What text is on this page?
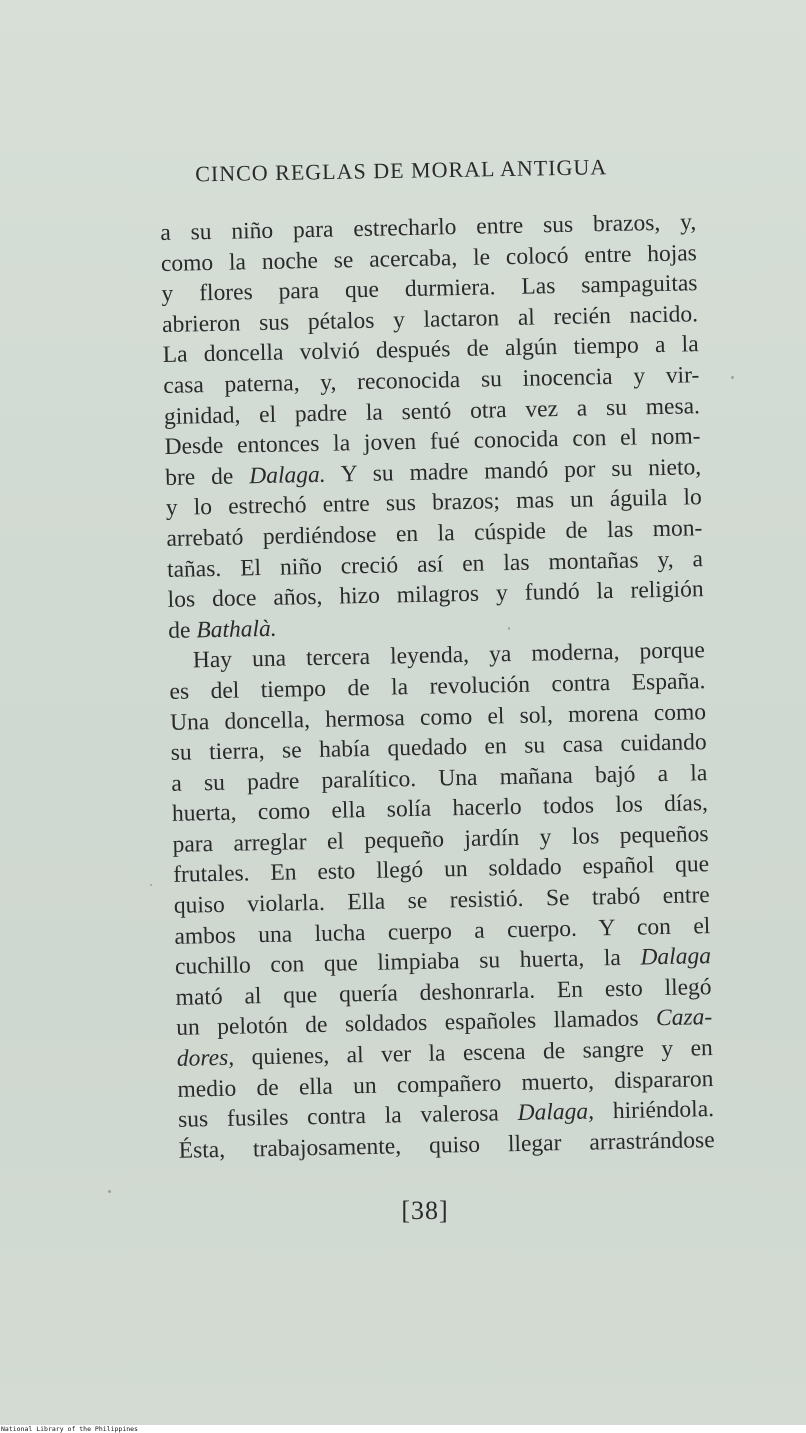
CINCO REGLAS DE MORAL ANTIGUA
a su niño para estrecharlo entre sus brazos, y,
como la noche se acercaba, le colocó entre hojas
y flores para que durmiera. Las sampaguitas
abrieron sus pétalos y lactaron al recién nacido.
La doncella volvió después de algún tiempo a la
casa paterna, y, reconocida su inocencia y vir-
ginidad, el padre la sentó otra vez a su mesa.
Desde entonces la joven fué conocida con el nom-
bre de Dalaga. Y su madre mandó por su nieto,
y lo estrechó entre sus brazos; mas un águila lo
arrebató perdiéndose en la cúspide de las mon-
tañas. El niño creció así en las montañas y, a
los doce años, hizo milagros y fundó la religión
de Bathalà.
Hay una tercera leyenda, ya moderna, porque
es del tiempo de la revolución contra España.
Una doncella, hermosa como el sol, morena como
su tierra, se había quedado en su casa cuidando
a su padre paralítico. Una mañana bajó a la
huerta, como ella solía hacerlo todos los días,
para arreglar el pequeño jardín y los pequeños
frutales. En esto llegó un soldado español que
quiso violarla. Ella se resistió. Se trabó entre
ambos una lucha cuerpo a cuerpo. Y con el
cuchillo con que limpiaba su huerta, la Dalaga
mató al que quería deshonrarla. En esto llegó
un pelotón de soldados españoles llamados Caza-
dores, quienes, al ver la escena de sangre y en
medio de ella un compañero muerto, dispararon
sus fusiles contra la valerosa Dalaga, hiriéndola.
Ésta, trabajosamente, quiso llegar arrastrándose
[38]
National Library of the Philippines
